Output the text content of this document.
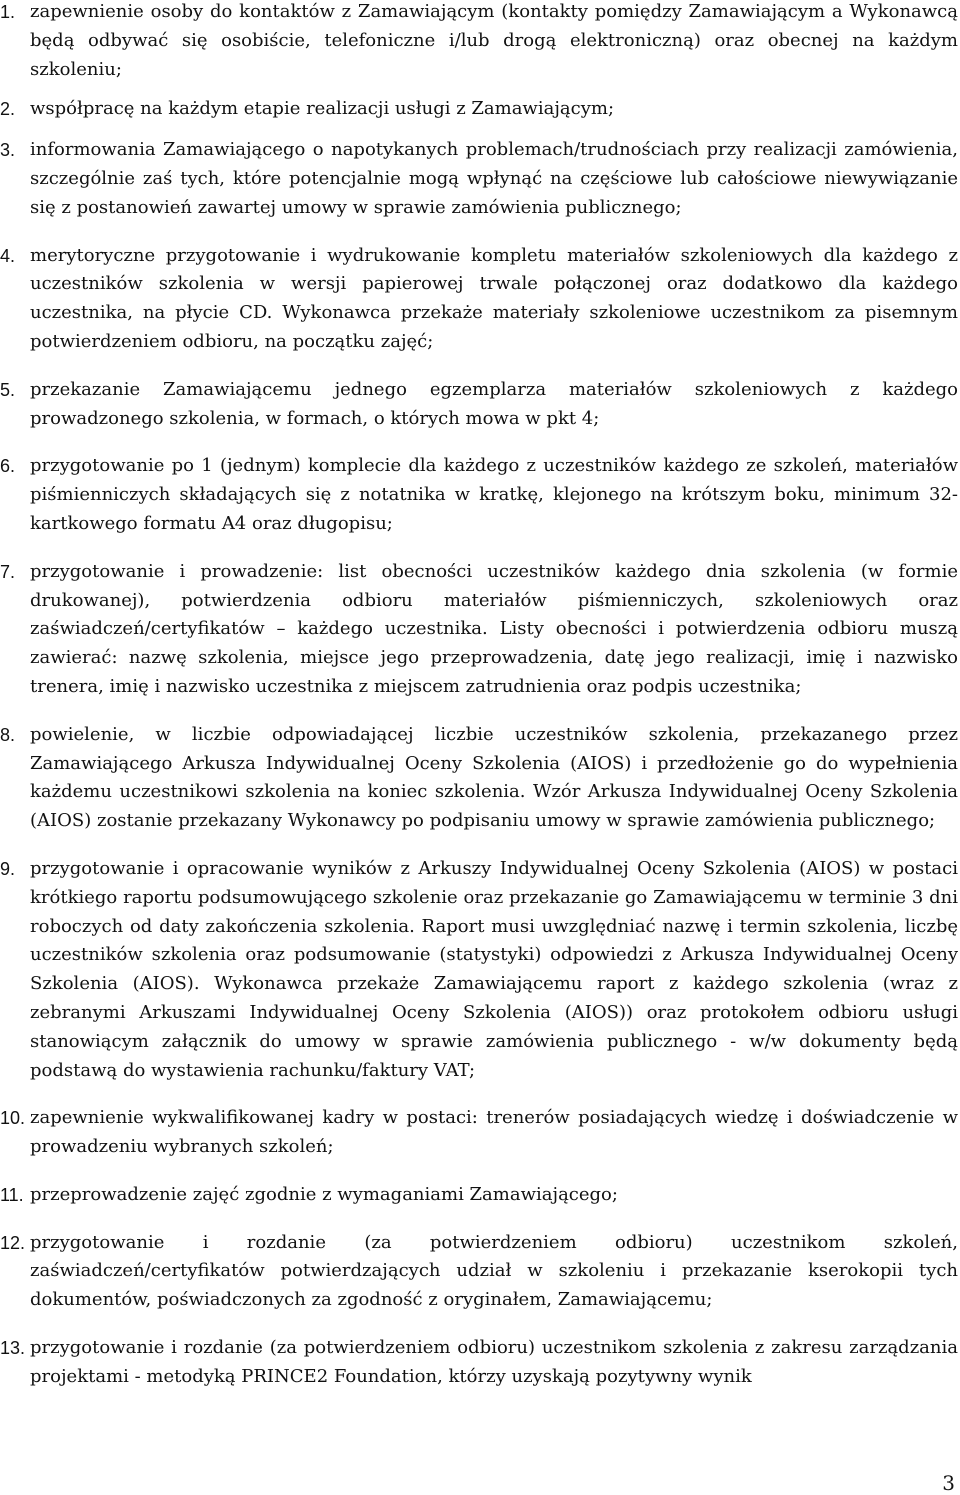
1. zapewnienie osoby do kontaktów z Zamawiającym (kontakty pomiędzy Zamawiającym a Wykonawcą będą odbywać się osobiście, telefoniczne i/lub drogą elektroniczną) oraz obecnej na każdym szkoleniu;
2. współpracę na każdym etapie realizacji usługi z Zamawiającym;
3. informowania Zamawiającego o napotykanych problemach/trudnościach przy realizacji zamówienia, szczególnie zaś tych, które potencjalnie mogą wpłynąć na częściowe lub całościowe niewywiązanie się z postanowień zawartej umowy w sprawie zamówienia publicznego;
4. merytoryczne przygotowanie i wydrukowanie kompletu materiałów szkoleniowych dla każdego z uczestników szkolenia w wersji papierowej trwale połączonej oraz dodatkowo dla każdego uczestnika, na płycie CD. Wykonawca przekaże materiały szkoleniowe uczestnikom za pisemnym potwierdzeniem odbioru, na początku zajęć;
5. przekazanie Zamawiającemu jednego egzemplarza materiałów szkoleniowych z każdego prowadzonego szkolenia, w formach, o których mowa w pkt 4;
6. przygotowanie po 1 (jednym) komplecie dla każdego z uczestników każdego ze szkoleń, materiałów piśmienniczych składających się z notatnika w kratkę, klejonego na krótszym boku, minimum 32-kartkowego formatu A4 oraz długopisu;
7. przygotowanie i prowadzenie: list obecności uczestników każdego dnia szkolenia (w formie drukowanej), potwierdzenia odbioru materiałów piśmienniczych, szkoleniowych oraz zaświadczeń/certyfikatów – każdego uczestnika. Listy obecności i potwierdzenia odbioru muszą zawierać: nazwę szkolenia, miejsce jego przeprowadzenia, datę jego realizacji, imię i nazwisko trenera, imię i nazwisko uczestnika z miejscem zatrudnienia oraz podpis uczestnika;
8. powielenie, w liczbie odpowiadającej liczbie uczestników szkolenia, przekazanego przez Zamawiającego Arkusza Indywidualnej Oceny Szkolenia (AIOS) i przedłożenie go do wypełnienia każdemu uczestnikowi szkolenia na koniec szkolenia. Wzór Arkusza Indywidualnej Oceny Szkolenia (AIOS) zostanie przekazany Wykonawcy po podpisaniu umowy w sprawie zamówienia publicznego;
9. przygotowanie i opracowanie wyników z Arkuszy Indywidualnej Oceny Szkolenia (AIOS) w postaci krótkiego raportu podsumowującego szkolenie oraz przekazanie go Zamawiającemu w terminie 3 dni roboczych od daty zakończenia szkolenia. Raport musi uwzględniać nazwę i termin szkolenia, liczbę uczestników szkolenia oraz podsumowanie (statystyki) odpowiedzi z Arkusza Indywidualnej Oceny Szkolenia (AIOS). Wykonawca przekaże Zamawiającemu raport z każdego szkolenia (wraz z zebranymi Arkuszami Indywidualnej Oceny Szkolenia (AIOS)) oraz protokołem odbioru usługi stanowiącym załącznik do umowy w sprawie zamówienia publicznego - w/w dokumenty będą podstawą do wystawienia rachunku/faktury VAT;
10. zapewnienie wykwalifikowanej kadry w postaci: trenerów posiadających wiedzę i doświadczenie w prowadzeniu wybranych szkoleń;
11. przeprowadzenie zajęć zgodnie z wymaganiami Zamawiającego;
12. przygotowanie i rozdanie (za potwierdzeniem odbioru) uczestnikom szkoleń, zaświadczeń/certyfikatów potwierdzających udział w szkoleniu i przekazanie kserokopii tych dokumentów, poświadczonych za zgodność z oryginałem, Zamawiającemu;
13. przygotowanie i rozdanie (za potwierdzeniem odbioru) uczestnikom szkolenia z zakresu zarządzania projektami - metodyką PRINCE2 Foundation, którzy uzyskają pozytywny wynik
3
